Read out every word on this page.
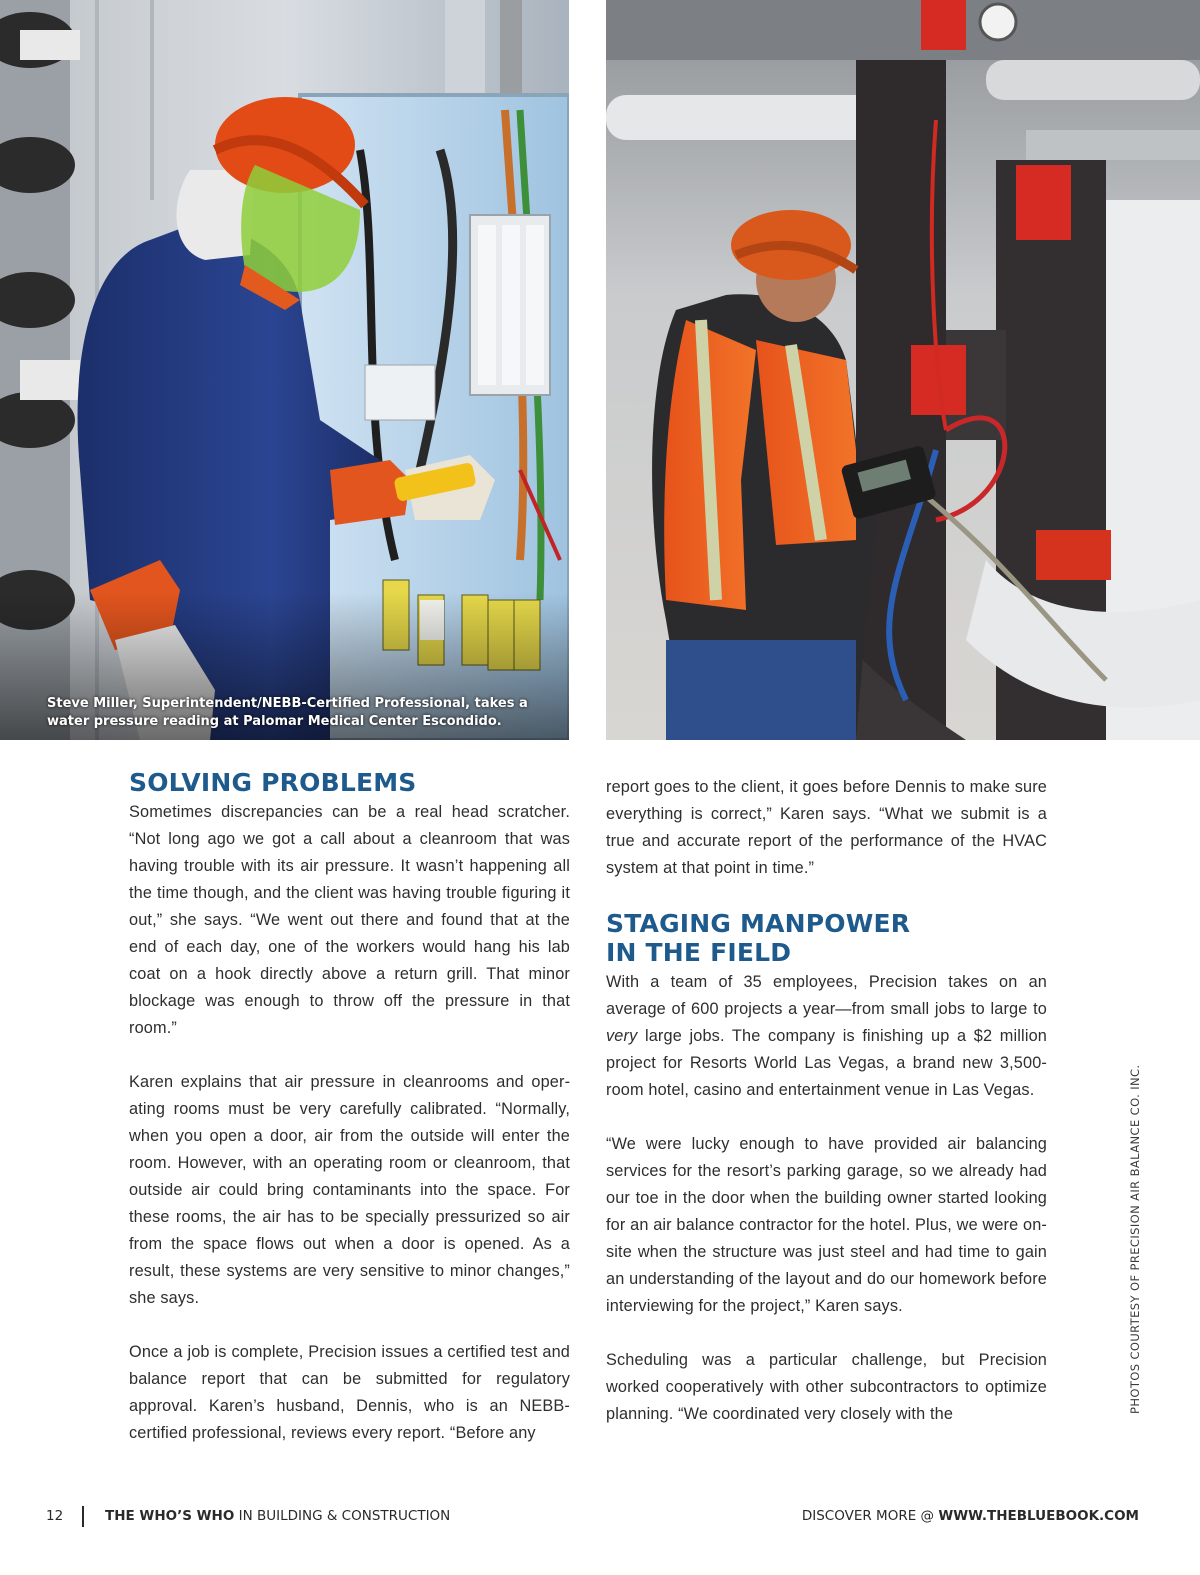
Steve Miller, Superintendent/NEBB-Certified Professional, takes a
water pressure reading at Palomar Medical Center Escondido.
SOLVING PROBLEMS

Sometimes discrepancies can be a real head scratcher. “Not long ago we got a call about a cleanroom that was having trouble with its air pressure. It wasn’t happening all the time though, and the client was having trouble figuring it out,” she says. “We went out there and found that at the end of each day, one of the workers would hang his lab coat on a hook directly above a return grill. That minor blockage was enough to throw off the pressure in that room.”

Karen explains that air pressure in cleanrooms and operating rooms must be very carefully calibrated. “Normally, when you open a door, air from the outside will enter the room. However, with an operating room or cleanroom, that outside air could bring contaminants into the space. For these rooms, the air has to be specially pressurized so air from the space flows out when a door is opened. As a result, these systems are very sensitive to minor changes,” she says.

Once a job is complete, Precision issues a certified test and balance report that can be submitted for regulatory approval. Karen’s husband, Dennis, who is an NEBB-certified professional, reviews every report. “Before any

report goes to the client, it goes before Dennis to make sure everything is correct,” Karen says. “What we submit is a true and accurate report of the performance of the HVAC system at that point in time.”

STAGING MANPOWER
IN THE FIELD

With a team of 35 employees, Precision takes on an average of 600 projects a year—from small jobs to large to very large jobs. The company is finishing up a $2 million project for Resorts World Las Vegas, a brand new 3,500-room hotel, casino and entertainment venue in Las Vegas.

“We were lucky enough to have provided air balancing services for the resort’s parking garage, so we already had our toe in the door when the building owner started looking for an air balance contractor for the hotel. Plus, we were on-site when the structure was just steel and had time to gain an understanding of the layout and do our homework before interviewing for the project,” Karen says.

Scheduling was a particular challenge, but Precision worked cooperatively with other subcontractors to optimize planning. “We coordinated very closely with the	PHOTOS COURTESY OF PRECISION AIR BALANCE CO. INC.
12	THE WHO’S WHO IN BUILDING & CONSTRUCTION	DISCOVER MORE @ WWW.THEBLUEBOOK.COM
